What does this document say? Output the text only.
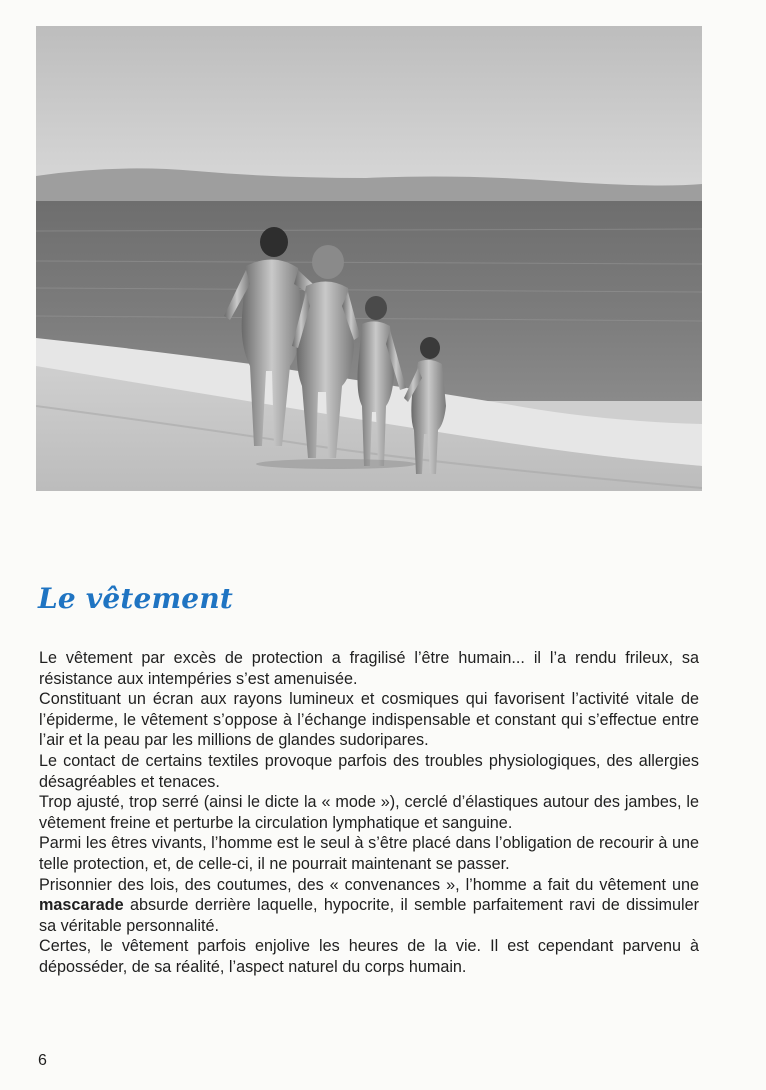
Le vêtement

Le vêtement par excès de protection a fragilisé l’être humain... il l’a rendu frileux, sa résistance aux intempéries s’est amenuisée.

Constituant un écran aux rayons lumineux et cosmiques qui favorisent l’activité vitale de l’épiderme, le vêtement s’oppose à l’échange indispensable et constant qui s’effectue entre l’air et la peau par les millions de glandes sudoripares.

Le contact de certains textiles provoque parfois des troubles physiologiques, des allergies désagréables et tenaces.

Trop ajusté, trop serré (ainsi le dicte la « mode »), cerclé d’élastiques autour des jambes, le vêtement freine et perturbe la circulation lymphatique et sanguine.

Parmi les êtres vivants, l’homme est le seul à s’être placé dans l’obligation de recourir à une telle protection, et, de celle-ci, il ne pourrait maintenant se passer.

Prisonnier des lois, des coutumes, des « convenances », l’homme a fait du vêtement une mascarade absurde derrière laquelle, hypocrite, il semble parfaitement ravi de dissimuler sa véritable personnalité.

Certes, le vêtement parfois enjolive les heures de la vie. Il est cependant parvenu à déposséder, de sa réalité, l’aspect naturel du corps humain.

6
